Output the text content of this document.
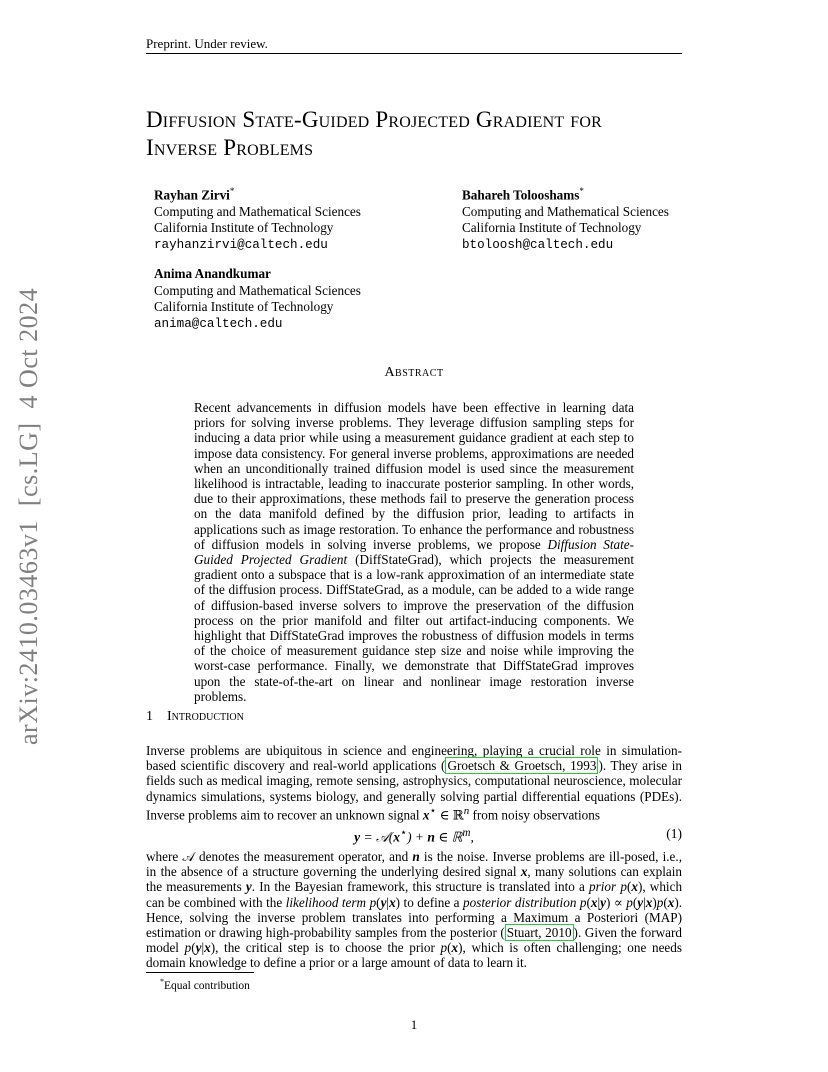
Preprint. Under review.
Diffusion State-Guided Projected Gradient for
Inverse Problems
Rayhan Zirvi*
Computing and Mathematical Sciences
California Institute of Technology
rayhanzirvi@caltech.edu
Bahareh Tolooshams*
Computing and Mathematical Sciences
California Institute of Technology
btoloosh@caltech.edu
Anima Anandkumar
Computing and Mathematical Sciences
California Institute of Technology
anima@caltech.edu
Abstract

Recent advancements in diffusion models have been effective in learning data priors for solving inverse problems. They leverage diffusion sampling steps for inducing a data prior while using a measurement guidance gradient at each step to impose data consistency. For general inverse problems, approximations are needed when an unconditionally trained diffusion model is used since the measurement likelihood is intractable, leading to inaccurate posterior sampling. In other words, due to their approximations, these methods fail to preserve the generation process on the data manifold defined by the diffusion prior, leading to artifacts in applications such as image restoration. To enhance the performance and robustness of diffusion models in solving inverse problems, we propose Diffusion State-Guided Projected Gradient (DiffStateGrad), which projects the measurement gradient onto a subspace that is a low-rank approximation of an intermediate state of the diffusion process. DiffStateGrad, as a module, can be added to a wide range of diffusion-based inverse solvers to improve the preservation of the diffusion process on the prior manifold and filter out artifact-inducing components. We highlight that DiffStateGrad improves the robustness of diffusion models in terms of the choice of measurement guidance step size and noise while improving the worst-case performance. Finally, we demonstrate that DiffStateGrad improves upon the state-of-the-art on linear and nonlinear image restoration inverse problems.

1 Introduction

Inverse problems are ubiquitous in science and engineering, playing a crucial role in simulation-based scientific discovery and real-world applications ( Groetsch & Groetsch, 1993 ). They arise in fields such as medical imaging, remote sensing, astrophysics, computational neuroscience, molecular dynamics simulations, systems biology, and generally solving partial differential equations (PDEs). Inverse problems aim to recover an unknown signal x⋆ ∈ ℝ$^n$ from noisy observations

y = 𝒜(x⋆) + n ∈ ℝ$^m$,	(1)

where 𝒜 denotes the measurement operator, and n is the noise. Inverse problems are ill-posed, i.e., in the absence of a structure governing the underlying desired signal x, many solutions can explain the measurements y. In the Bayesian framework, this structure is translated into a prior p(x), which can be combined with the likelihood term p(y|x) to define a posterior distribution p(x|y) ∝ p(y|x)p(x). Hence, solving the inverse problem translates into performing a Maximum a Posteriori (MAP) estimation or drawing high-probability samples from the posterior ( Stuart, 2010 ). Given the forward model p(y|x), the critical step is to choose the prior p(x), which is often challenging; one needs domain knowledge to define a prior or a large amount of data to learn it.

*Equal contribution
1
arXiv:2410.03463v1  [cs.LG]  4 Oct 2024
